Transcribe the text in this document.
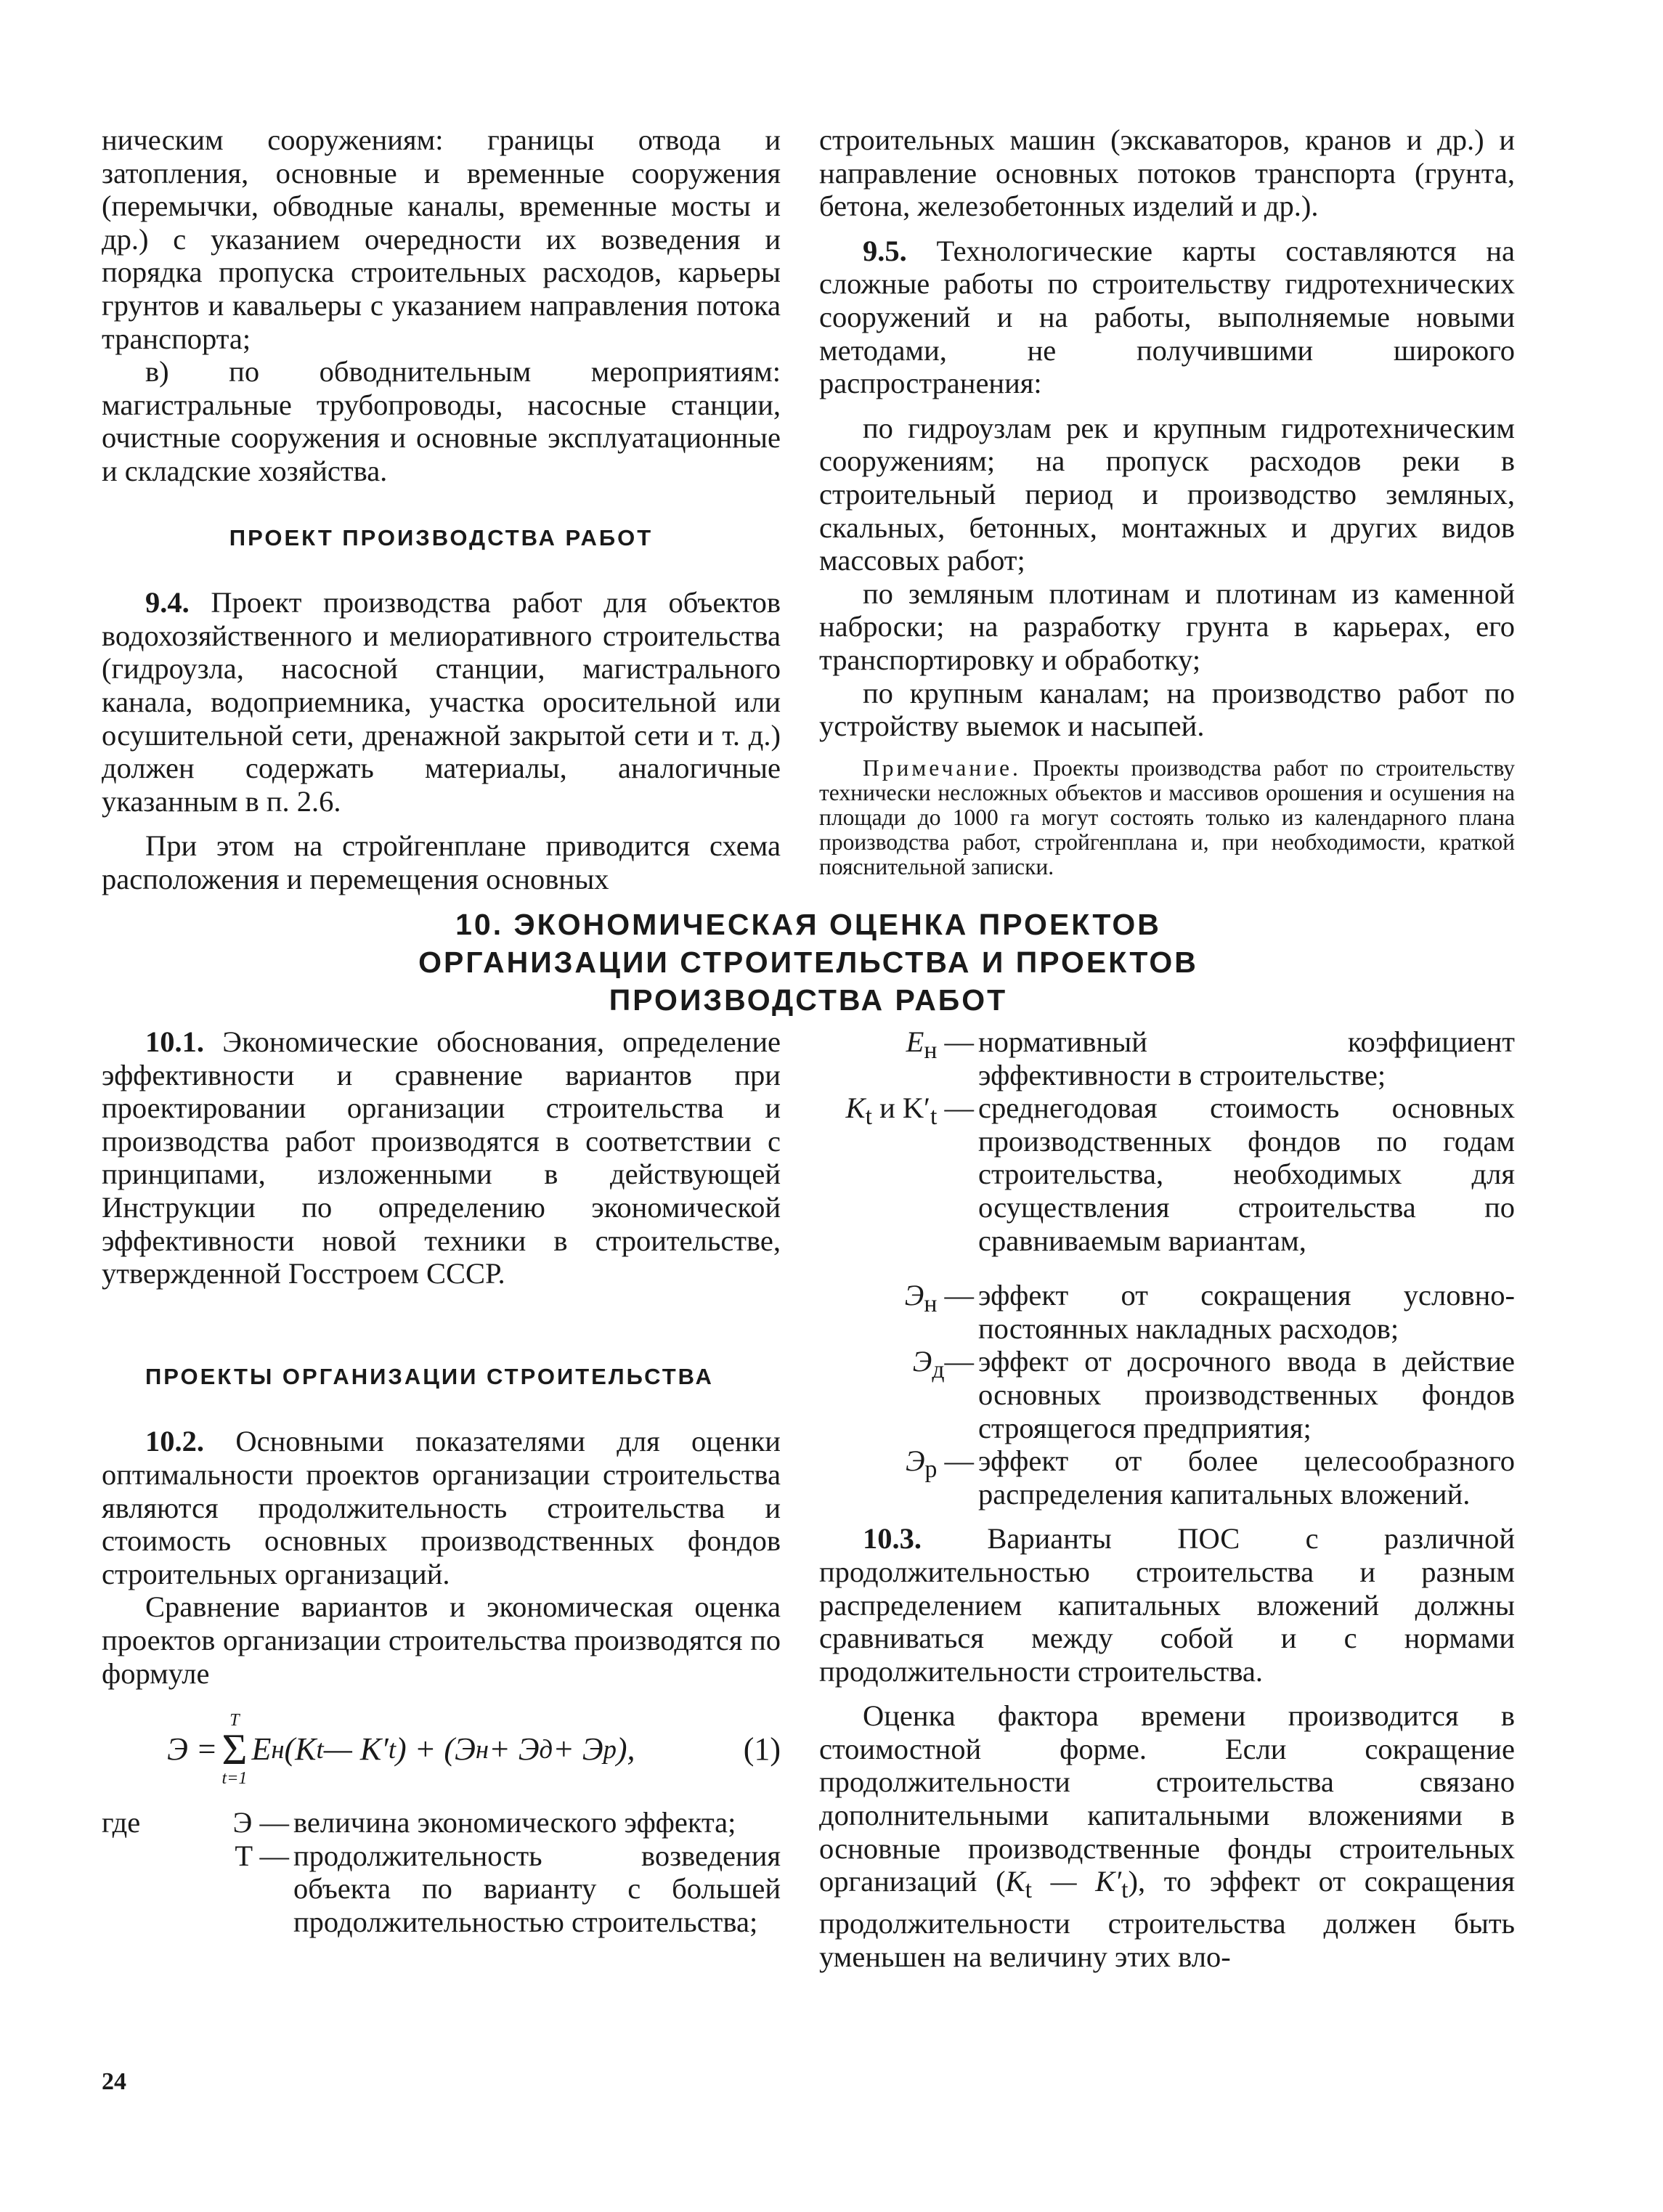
ническим сооружениям: границы отвода и затопления, основные и временные сооружения (перемычки, обводные каналы, временные мосты и др.) с указанием очередности их возведения и порядка пропуска строительных расходов, карьеры грунтов и кавальеры с указанием направления потока транспорта;

в) по обводнительным мероприятиям: магистральные трубопроводы, насосные станции, очистные сооружения и основные эксплуатационные и складские хозяйства.

ПРОЕКТ ПРОИЗВОДСТВА РАБОТ

9.4. Проект производства работ для объектов водохозяйственного и мелиоративного строительства (гидроузла, насосной станции, магистрального канала, водоприемника, участка оросительной или осушительной сети, дренажной закрытой сети и т. д.) должен содержать материалы, аналогичные указанным в п. 2.6.

При этом на стройгенплане приводится схема расположения и перемещения основных

строительных машин (экскаваторов, кранов и др.) и направление основных потоков транспорта (грунта, бетона, железобетонных изделий и др.).

9.5. Технологические карты составляются на сложные работы по строительству гидротехнических сооружений и на работы, выполняемые новыми методами, не получившими широкого распространения:

по гидроузлам рек и крупным гидротехническим сооружениям; на пропуск расходов реки в строительный период и производство земляных, скальных, бетонных, монтажных и других видов массовых работ;

по земляным плотинам и плотинам из каменной наброски; на разработку грунта в карьерах, его транспортировку и обработку;

по крупным каналам; на производство работ по устройству выемок и насыпей.

Примечание. Проекты производства работ по строительству технически несложных объектов и массивов орошения и осушения на площади до 1000 га могут состоять только из календарного плана производства работ, стройгенплана и, при необходимости, краткой пояснительной записки.

10. ЭКОНОМИЧЕСКАЯ ОЦЕНКА ПРОЕКТОВ
ОРГАНИЗАЦИИ СТРОИТЕЛЬСТВА И ПРОЕКТОВ
ПРОИЗВОДСТВА РАБОТ

10.1. Экономические обоснования, определение эффективности и сравнение вариантов при проектировании организации строительства и производства работ производятся в соответствии с принципами, изложенными в действующей Инструкции по определению экономической эффективности новой техники в строительстве, утвержденной Госстроем СССР.

ПРОЕКТЫ ОРГАНИЗАЦИИ СТРОИТЕЛЬСТВА

10.2. Основными показателями для оценки оптимальности проектов организации строительства являются продолжительность строительства и стоимость основных производственных фондов строительных организаций.

Сравнение вариантов и экономическая оценка проектов организации строительства производятся по формуле

Э =
T
Σ
t=1
E н (K t — K′ t ) + (Э н + Э д + Э р ),	(1)
где	Э — величина экономического эффекта;
T — продолжительность возведения объекта по варианту с большей продолжительностью строительства;
$E_н$ — нормативный коэффициент эффективности в строительстве;
$K_t$ и $K'_t$ — среднегодовая стоимость основных производственных фондов по годам строительства, необходимых для осуществления строительства по сравниваемым вариантам,
$Э_н$ — эффект от сокращения условно-постоянных накладных расходов;
$Э_д—$ эффект от досрочного ввода в действие основных производственных фондов строящегося предприятия;
$Э_р$ — эффект от более целесообразного распределения капитальных вложений.

10.3. Варианты ПОС с различной продолжительностью строительства и разным распределением капитальных вложений должны сравниваться между собой и с нормами продолжительности строительства.

Оценка фактора времени производится в стоимостной форме. Если сокращение продолжительности строительства связано дополнительными капитальными вложениями в основные производственные фонды строительных организаций ($K_t$ — $K'_t$), то эффект от сокращения продолжительности строительства должен быть уменьшен на величину этих вло-

24
